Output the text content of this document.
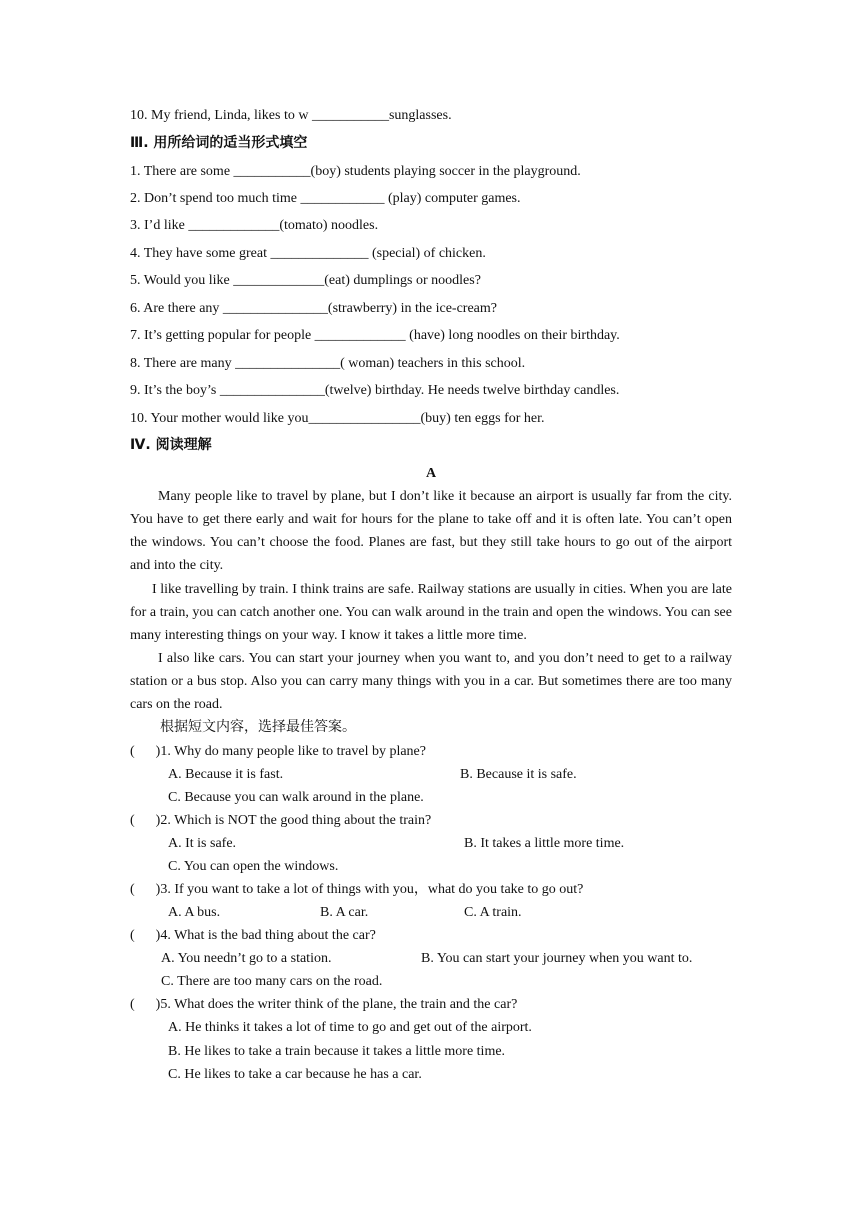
10. My friend, Linda, likes to w ___________sunglasses.
Ⅲ. 用所给词的适当形式填空
1. There are some ___________(boy) students playing soccer in the playground.
2. Don’t spend too much time ____________ (play) computer games.
3. I’d like _____________(tomato) noodles.
4. They have some great ______________ (special) of chicken.
5. Would you like _____________(eat) dumplings or noodles?
6. Are there any _______________(strawberry) in the ice-cream?
7. It’s getting popular for people _____________ (have) long noodles on their birthday.
8. There are many _______________( woman) teachers in this school.
9. It’s the boy’s _______________(twelve) birthday. He needs twelve birthday candles.
10. Your mother would like you________________(buy) ten eggs for her.
Ⅳ. 阅读理解
A

Many people like to travel by plane, but I don’t like it because an airport is usually far from the city. You have to get there early and wait for hours for the plane to take off and it is often late. You can’t open the windows. You can’t choose the food. Planes are fast, but they still take hours to go out of the airport and into the city.

I like travelling by train. I think trains are safe. Railway stations are usually in cities. When you are late for a train, you can catch another one. You can walk around in the train and open the windows. You can see many interesting things on your way. I know it takes a little more time.

I also like cars. You can start your journey when you want to, and you don’t need to get to a railway station or a bus stop. Also you can carry many things with you in a car. But sometimes there are too many cars on the road.

根据短文内容，选择最佳答案。
(      )1. Why do many people like to travel by plane?
A. Because it is fast.	B. Because it is safe.
C. Because you can walk around in the plane.
(      )2. Which is NOT the good thing about the train?
A. It is safe.	B. It takes a little more time.
C. You can open the windows.
(      )3. If you want to take a lot of things with you，what do you take to go out?
A. A bus.	B. A car.	C. A train.
(      )4. What is the bad thing about the car?
A. You needn’t go to a station.	B. You can start your journey when you want to.
C. There are too many cars on the road.
(      )5. What does the writer think of the plane, the train and the car?
A. He thinks it takes a lot of time to go and get out of the airport.
B. He likes to take a train because it takes a little more time.
C. He likes to take a car because he has a car.
